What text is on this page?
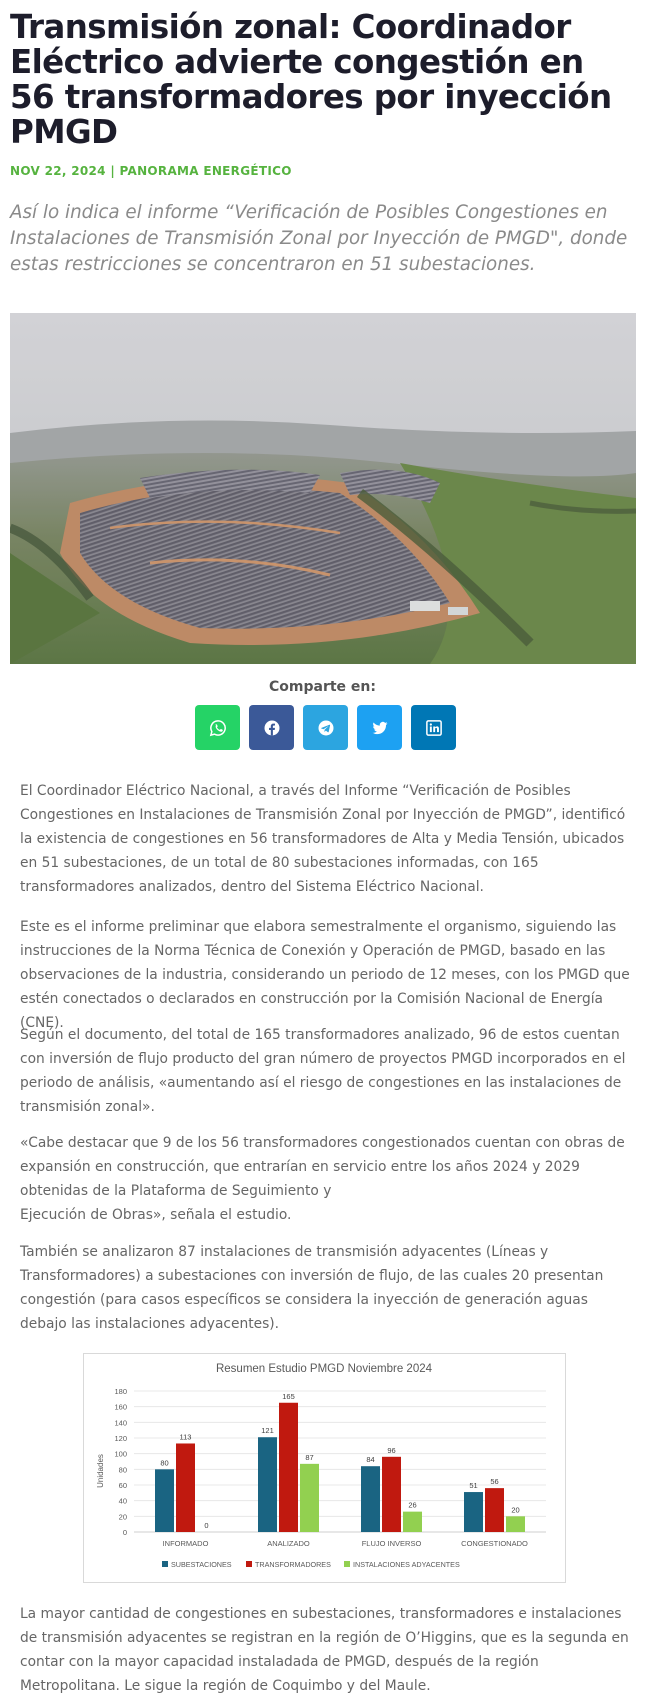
Transmisión zonal: Coordinador Eléctrico advierte congestión en 56 transformadores por inyección PMGD
NOV 22, 2024 | PANORAMA ENERGÉTICO

Así lo indica el informe “Verificación de Posibles Congestiones en Instalaciones de Transmisión Zonal por Inyección de PMGD", donde estas restricciones se concentraron en 51 subestaciones.

Comparte en:

El Coordinador Eléctrico Nacional, a través del Informe “Verificación de Posibles Congestiones en Instalaciones de Transmisión Zonal por Inyección de PMGD”, identificó la existencia de congestiones en 56 transformadores de Alta y Media Tensión, ubicados en 51 subestaciones, de un total de 80 subestaciones informadas, con 165 transformadores analizados, dentro del Sistema Eléctrico Nacional.

Este es el informe preliminar que elabora semestralmente el organismo, siguiendo las instrucciones de la Norma Técnica de Conexión y Operación de PMGD, basado en las observaciones de la industria, considerando un periodo de 12 meses, con los PMGD que estén conectados o declarados en construcción por la Comisión Nacional de Energía (CNE).

Según el documento, del total de 165 transformadores analizado, 96 de estos cuentan con inversión de flujo producto del gran número de proyectos PMGD incorporados en el periodo de análisis, «aumentando así el riesgo de congestiones en las instalaciones de transmisión zonal».

«Cabe destacar que 9 de los 56 transformadores congestionados cuentan con obras de expansión en construcción, que entrarían en servicio entre los años 2024 y 2029 obtenidas de la Plataforma de Seguimiento y
Ejecución de Obras», señala el estudio.

También se analizaron 87 instalaciones de transmisión adyacentes (Líneas y Transformadores) a subestaciones con inversión de flujo, de las cuales 20 presentan congestión (para casos específicos se considera la inyección de generación aguas debajo las instalaciones adyacentes).

Resumen Estudio PMGD Noviembre 2024
Unidades
0
20
40
60
80
100
120
140
160
180
80
113
0
121
165
87	84
96
26
51 56
20
INFORMADO	ANALIZADO	FLUJO INVERSO	CONGESTIONADO
SUBESTACIONES	TRANSFORMADORES	INSTALACIONES ADYACENTES

La mayor cantidad de congestiones en subestaciones, transformadores e instalaciones de transmisión adyacentes se registran en la región de O’Higgins, que es la segunda en contar con la mayor capacidad instaladada de PMGD, después de la región Metropolitana. Le sigue la región de Coquimbo y del Maule.
